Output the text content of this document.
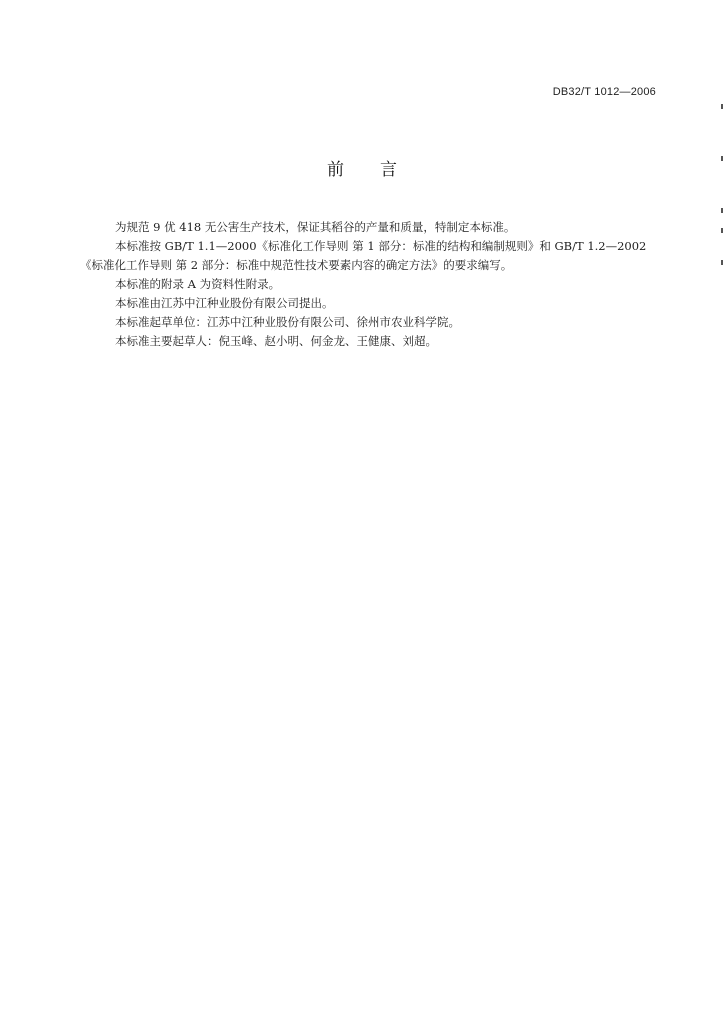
DB32/T 1012—2006
前言

为规范 9 优 418 无公害生产技术，保证其稻谷的产量和质量，特制定本标准。

本标准按 GB/T 1.1—2000《标准化工作导则 第 1 部分：标准的结构和编制规则》和 GB/T 1.2—2002

《标准化工作导则 第 2 部分：标准中规范性技术要素内容的确定方法》的要求编写。

本标准的附录 A 为资料性附录。

本标准由江苏中江种业股份有限公司提出。

本标准起草单位：江苏中江种业股份有限公司、徐州市农业科学院。

本标准主要起草人：倪玉峰、赵小明、何金龙、王健康、刘超。
